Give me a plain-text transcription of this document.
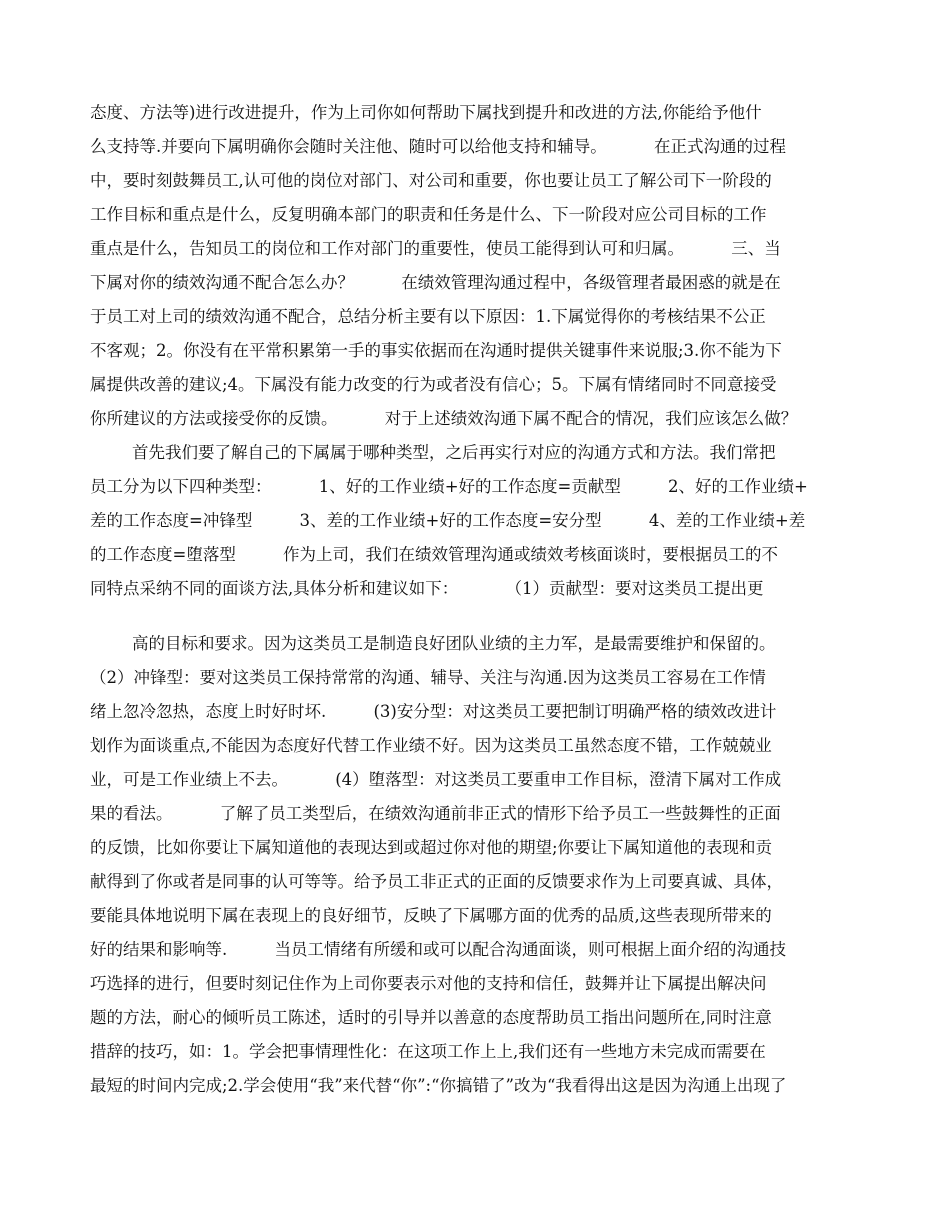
态度、方法等)进行改进提升，作为上司你如何帮助下属找到提升和改进的方法,你能给予他什
么支持等.并要向下属明确你会随时关注他、随时可以给他支持和辅导。         在正式沟通的过程
中，要时刻鼓舞员工,认可他的岗位对部门、对公司和重要，你也要让员工了解公司下一阶段的
工作目标和重点是什么，反复明确本部门的职责和任务是什么、下一阶段对应公司目标的工作
重点是什么，告知员工的岗位和工作对部门的重要性，使员工能得到认可和归属。         三、当
下属对你的绩效沟通不配合怎么办？         在绩效管理沟通过程中，各级管理者最困惑的就是在
于员工对上司的绩效沟通不配合，总结分析主要有以下原因：1.下属觉得你的考核结果不公正
不客观；2。你没有在平常积累第一手的事实依据而在沟通时提供关键事件来说服;3.你不能为下
属提供改善的建议;4。下属没有能力改变的行为或者没有信心；5。下属有情绪同时不同意接受
你所建议的方法或接受你的反馈。         对于上述绩效沟通下属不配合的情况，我们应该怎么做？
首先我们要了解自己的下属属于哪种类型，之后再实行对应的沟通方式和方法。我们常把
员工分为以下四种类型：         1、好的工作业绩+好的工作态度=贡献型         2、好的工作业绩+
差的工作态度=冲锋型         3、差的工作业绩+好的工作态度=安分型         4、差的工作业绩+差
的工作态度=堕落型         作为上司，我们在绩效管理沟通或绩效考核面谈时，要根据员工的不
同特点采纳不同的面谈方法,具体分析和建议如下：         （1）贡献型：要对这类员工提出更
高的目标和要求。因为这类员工是制造良好团队业绩的主力军，是最需要维护和保留的。
（2）冲锋型：要对这类员工保持常常的沟通、辅导、关注与沟通.因为这类员工容易在工作情
绪上忽冷忽热，态度上时好时坏.         (3)安分型：对这类员工要把制订明确严格的绩效改进计
划作为面谈重点,不能因为态度好代替工作业绩不好。因为这类员工虽然态度不错，工作兢兢业
业，可是工作业绩上不去。         (4）堕落型：对这类员工要重申工作目标，澄清下属对工作成
果的看法。         了解了员工类型后，在绩效沟通前非正式的情形下给予员工一些鼓舞性的正面
的反馈，比如你要让下属知道他的表现达到或超过你对他的期望;你要让下属知道他的表现和贡
献得到了你或者是同事的认可等等。给予员工非正式的正面的反馈要求作为上司要真诚、具体，
要能具体地说明下属在表现上的良好细节，反映了下属哪方面的优秀的品质,这些表现所带来的
好的结果和影响等.         当员工情绪有所缓和或可以配合沟通面谈，则可根据上面介绍的沟通技
巧选择的进行，但要时刻记住作为上司你要表示对他的支持和信任，鼓舞并让下属提出解决问
题的方法，耐心的倾听员工陈述，适时的引导并以善意的态度帮助员工指出问题所在,同时注意
措辞的技巧，如：1。学会把事情理性化：在这项工作上上,我们还有一些地方未完成而需要在
最短的时间内完成;2.学会使用“我”来代替“你”:“你搞错了”改为“我看得出这是因为沟通上出现了
